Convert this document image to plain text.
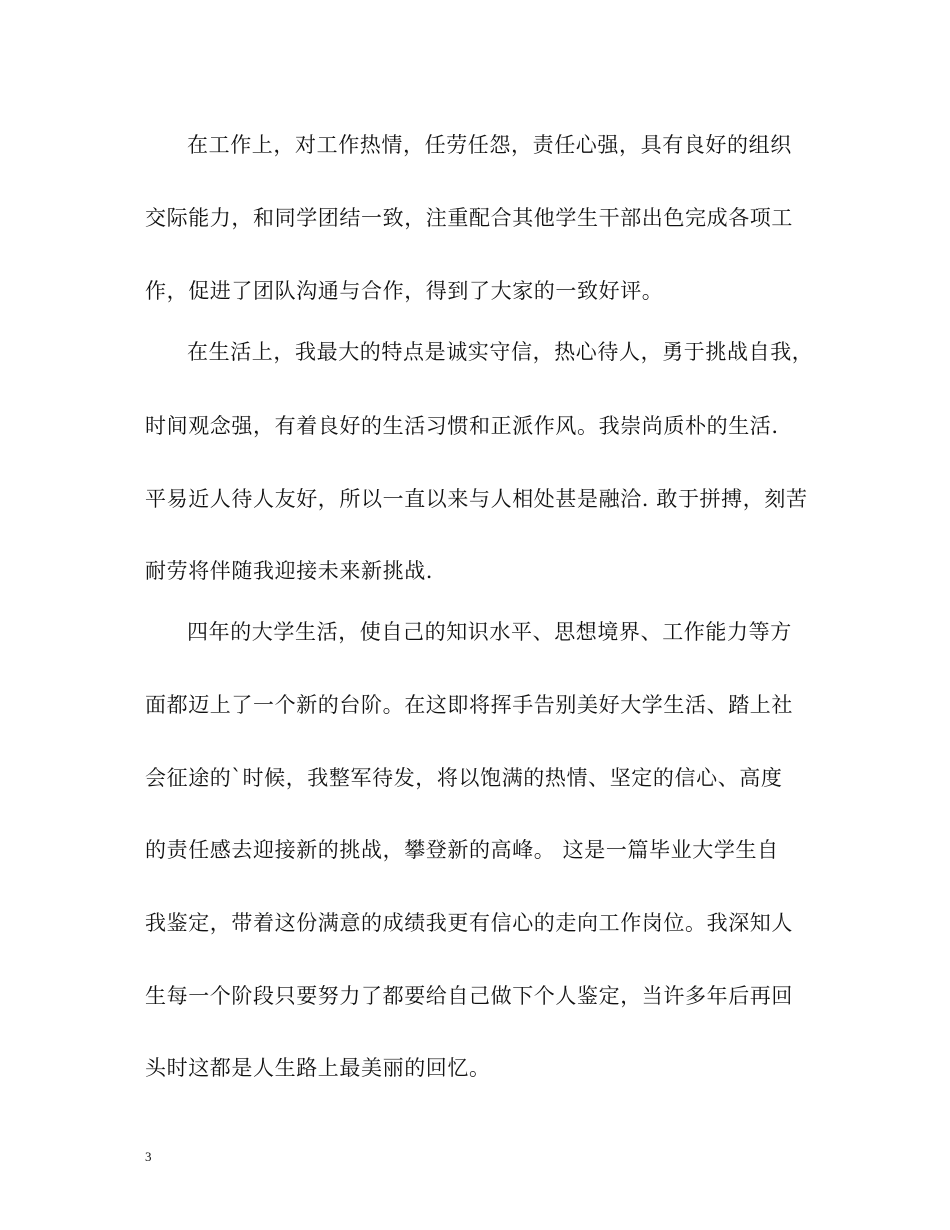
在工作上，对工作热情，任劳任怨，责任心强，具有良好的组织
交际能力，和同学团结一致，注重配合其他学生干部出色完成各项工
作，促进了团队沟通与合作，得到了大家的一致好评。
在生活上，我最大的特点是诚实守信，热心待人，勇于挑战自我，
时间观念强，有着良好的生活习惯和正派作风。我崇尚质朴的生活.
平易近人待人友好，所以一直以来与人相处甚是融洽. 敢于拼搏，刻苦
耐劳将伴随我迎接未来新挑战.
四年的大学生活，使自己的知识水平、思想境界、工作能力等方
面都迈上了一个新的台阶。在这即将挥手告别美好大学生活、踏上社
会征途的`时候，我整军待发，将以饱满的热情、坚定的信心、高度
的责任感去迎接新的挑战，攀登新的高峰。 这是一篇毕业大学生自
我鉴定，带着这份满意的成绩我更有信心的走向工作岗位。我深知人
生每一个阶段只要努力了都要给自己做下个人鉴定，当许多年后再回
头时这都是人生路上最美丽的回忆。
3
